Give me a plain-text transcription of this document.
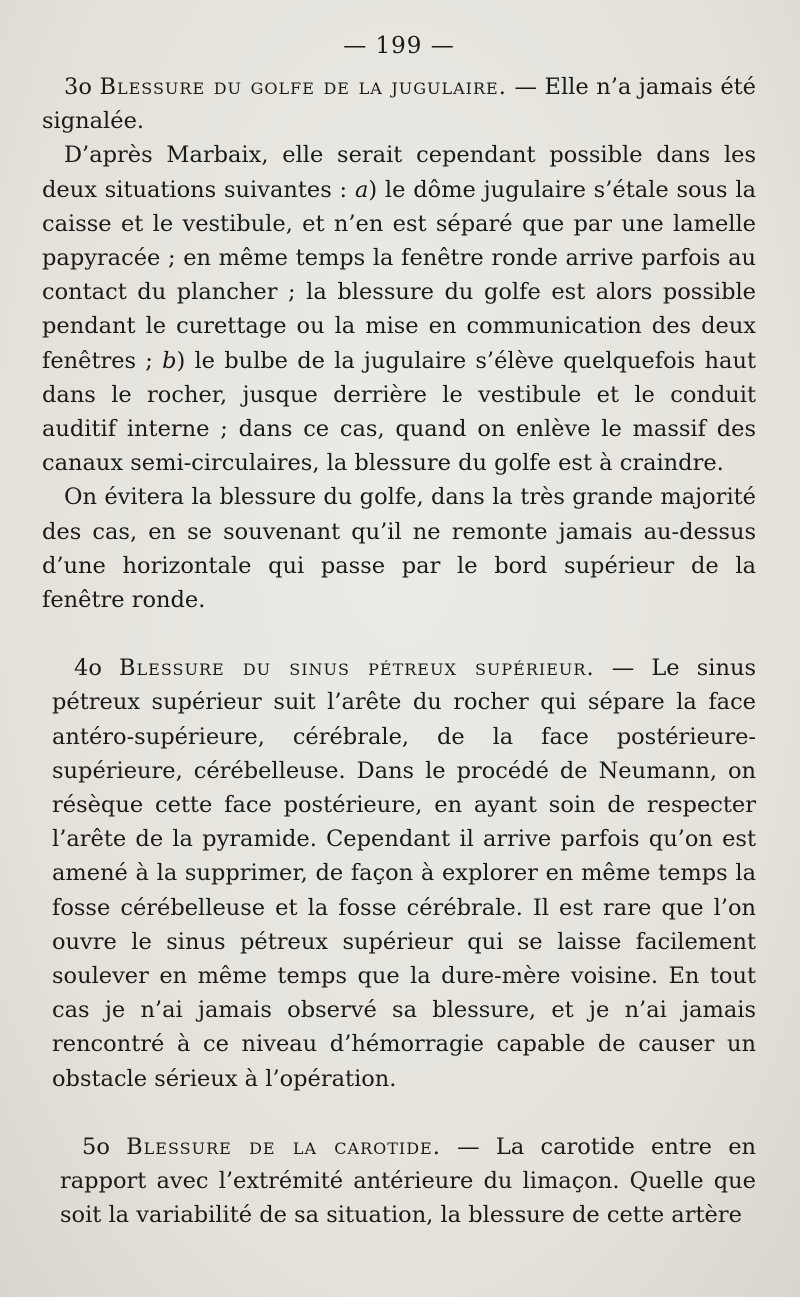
— 199 —

3o Blessure du golfe de la jugulaire. — Elle n’a jamais été signalée.

D’après Marbaix, elle serait cependant possible dans les deux situations suivantes : a) le dôme jugulaire s’étale sous la caisse et le vestibule, et n’en est séparé que par une lamelle papyracée ; en même temps la fenêtre ronde arrive parfois au contact du plancher ; la blessure du golfe est alors possible pendant le curettage ou la mise en communication des deux fenêtres ; b) le bulbe de la jugulaire s’élève quelquefois haut dans le rocher, jusque derrière le vestibule et le conduit auditif interne ; dans ce cas, quand on enlève le massif des canaux semi-circulaires, la blessure du golfe est à craindre.

On évitera la blessure du golfe, dans la très grande majorité des cas, en se souvenant qu’il ne remonte jamais au-dessus d’une horizontale qui passe par le bord supérieur de la fenêtre ronde.

4o Blessure du sinus pétreux supérieur. — Le sinus pétreux supérieur suit l’arête du rocher qui sépare la face antéro-supérieure, cérébrale, de la face postérieure-supérieure, cérébelleuse. Dans le procédé de Neumann, on résèque cette face postérieure, en ayant soin de respecter l’arête de la pyramide. Cependant il arrive parfois qu’on est amené à la supprimer, de façon à explorer en même temps la fosse cérébelleuse et la fosse cérébrale. Il est rare que l’on ouvre le sinus pétreux supérieur qui se laisse facilement soulever en même temps que la dure-mère voisine. En tout cas je n’ai jamais observé sa blessure, et je n’ai jamais rencontré à ce niveau d’hémorragie capable de causer un obstacle sérieux à l’opération.

5o Blessure de la carotide. — La carotide entre en rapport avec l’extrémité antérieure du limaçon. Quelle que soit la variabilité de sa situation, la blessure de cette artère
